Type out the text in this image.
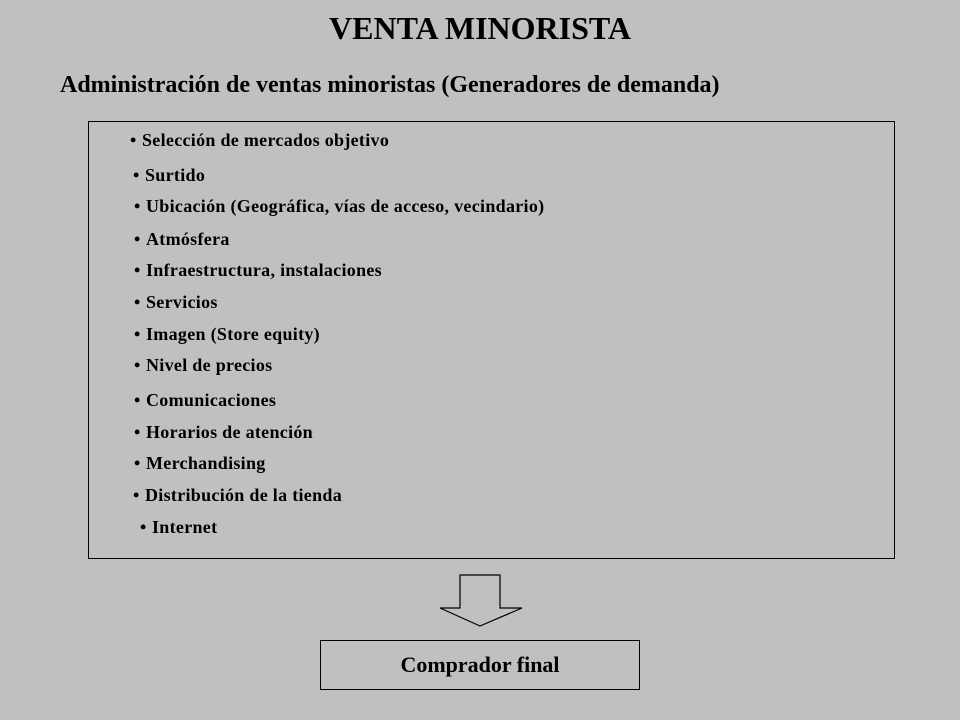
VENTA MINORISTA
Administración de ventas minoristas (Generadores de demanda)
• Selección de mercados objetivo
• Surtido
• Ubicación (Geográfica, vías de acceso, vecindario)
• Atmósfera
• Infraestructura, instalaciones
• Servicios
• Imagen (Store equity)
• Nivel de precios
• Comunicaciones
• Horarios de atención
• Merchandising
• Distribución de la tienda
• Internet
Comprador final
